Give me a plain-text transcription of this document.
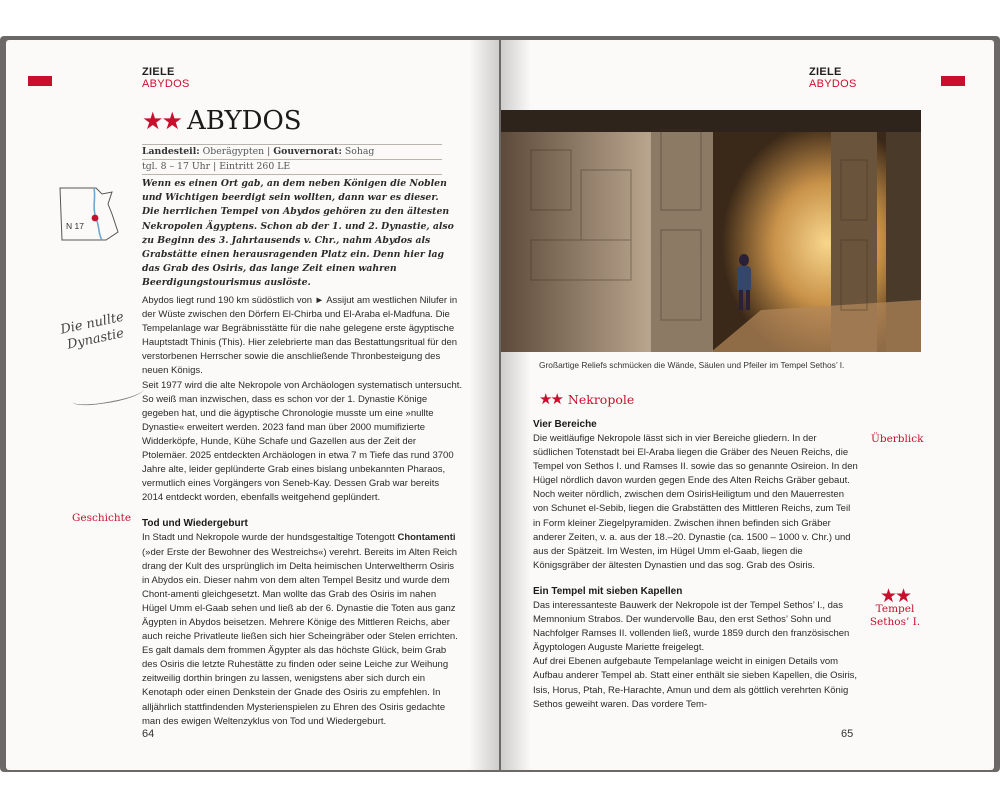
ZIELE
ABYDOS
★★ ABYDOS
Landesteil: Oberägypten | Gouvernorat: Sohag
tgl. 8 – 17 Uhr | Eintritt 260 LE
N 17
Wenn es einen Ort gab, an dem neben Königen die Noblen und Wichtigen beerdigt sein wollten, dann war es dieser. Die herrlichen Tempel von Abydos gehören zu den ältesten Nekropolen Ägyptens. Schon ab der 1. und 2. Dynastie, also zu Beginn des 3. Jahrtausends v. Chr., nahm Abydos als Grabstätte einen herausragenden Platz ein. Denn hier lag das Grab des Osiris, das lange Zeit einen wahren Beerdigungstourismus auslöste.
Die nullte Dynastie

Abydos liegt rund 190 km südöstlich von ► Assijut am westlichen Nilufer in der Wüste zwischen den Dörfern El-Chirba und El-Araba el-Madfuna. Die Tempelanlage war Begräbnisstätte für die nahe gelegene erste ägyptische Hauptstadt Thinis (This). Hier zelebrierte man das Bestattungsritual für den verstorbenen Herrscher sowie die anschließende Thronbesteigung des neuen Königs.

Seit 1977 wird die alte Nekropole von Archäologen systematisch untersucht. So weiß man inzwischen, dass es schon vor der 1. Dynastie Könige gegeben hat, und die ägyptische Chronologie musste um eine »nullte Dynastie« erweitert werden. 2023 fand man über 2000 mumifizierte Widderköpfe, Hunde, Kühe Schafe und Gazellen aus der Zeit der Ptolemäer. 2025 entdeckten Archäologen in etwa 7 m Tiefe das rund 3700 Jahre alte, leider geplünderte Grab eines bislang unbekannten Pharaos, vermutlich eines Vorgängers von Seneb-Kay. Dessen Grab war bereits 2014 entdeckt worden, ebenfalls weitgehend geplündert.

Tod und Wiedergeburt

In Stadt und Nekropole wurde der hundsgestaltige Totengott Chontamenti (»der Erste der Bewohner des Westreichs«) verehrt. Bereits im Alten Reich drang der Kult des ursprünglich im Delta heimischen Unterweltherrn Osiris in Abydos ein. Dieser nahm von dem alten Tempel Besitz und wurde dem Chont-amenti gleichgesetzt. Man wollte das Grab des Osiris im nahen Hügel Umm el-Gaab sehen und ließ ab der 6. Dynastie die Toten aus ganz Ägypten in Abydos beisetzen. Mehrere Könige des Mittleren Reichs, aber auch reiche Privatleute ließen sich hier Scheingräber oder Stelen errichten. Es galt damals dem frommen Ägypter als das höchste Glück, beim Grab des Osiris die letzte Ruhestätte zu finden oder seine Leiche zur Weihung zeitweilig dorthin bringen zu lassen, wenigstens aber sich durch ein Kenotaph oder einen Denkstein der Gnade des Osiris zu empfehlen. In alljährlich stattfindenden Mysterienspielen zu Ehren des Osiris gedachte man des ewigen Weltenzyklus von Tod und Wiedergeburt.

Geschichte
64
ZIELE
ABYDOS
Großartige Reliefs schmücken die Wände, Säulen und Pfeiler im Tempel Sethos’ I.
★★ Nekropole
Vier Bereiche

Die weitläufige Nekropole lässt sich in vier Bereiche gliedern. In der südlichen Totenstadt bei El-Araba liegen die Gräber des Neuen Reichs, die Tempel von Sethos I. und Ramses II. sowie das so genannte Osireion. In den Hügel nördlich davon wurden gegen Ende des Alten Reichs Gräber gebaut. Noch weiter nördlich, zwischen dem OsirisHeiligtum und den Mauerresten von Schunet el-Sebib, liegen die Grabstätten des Mittleren Reichs, zum Teil in Form kleiner Ziegelpyramiden. Zwischen ihnen befinden sich Gräber anderer Zeiten, v. a. aus der 18.–20. Dynastie (ca. 1500 – 1000 v. Chr.) und aus der Spätzeit. Im Westen, im Hügel Umm el-Gaab, liegen die Königsgräber der ältesten Dynastien und das sog. Grab des Osiris.

Ein Tempel mit sieben Kapellen

Das interessanteste Bauwerk der Nekropole ist der Tempel Sethos’ I., das Memnonium Strabos. Der wundervolle Bau, den erst Sethos’ Sohn und Nachfolger Ramses II. vollenden ließ, wurde 1859 durch den französischen Ägyptologen Auguste Mariette freigelegt.

Auf drei Ebenen aufgebaute Tempelanlage weicht in einigen Details vom Aufbau anderer Tempel ab. Statt einer enthält sie sieben Kapellen, die Osiris, Isis, Horus, Ptah, Re-Harachte, Amun und dem als göttlich verehrten König Sethos geweiht waren. Das vordere Tem-

Überblick
★★
Tempel Sethos’ I.
65
